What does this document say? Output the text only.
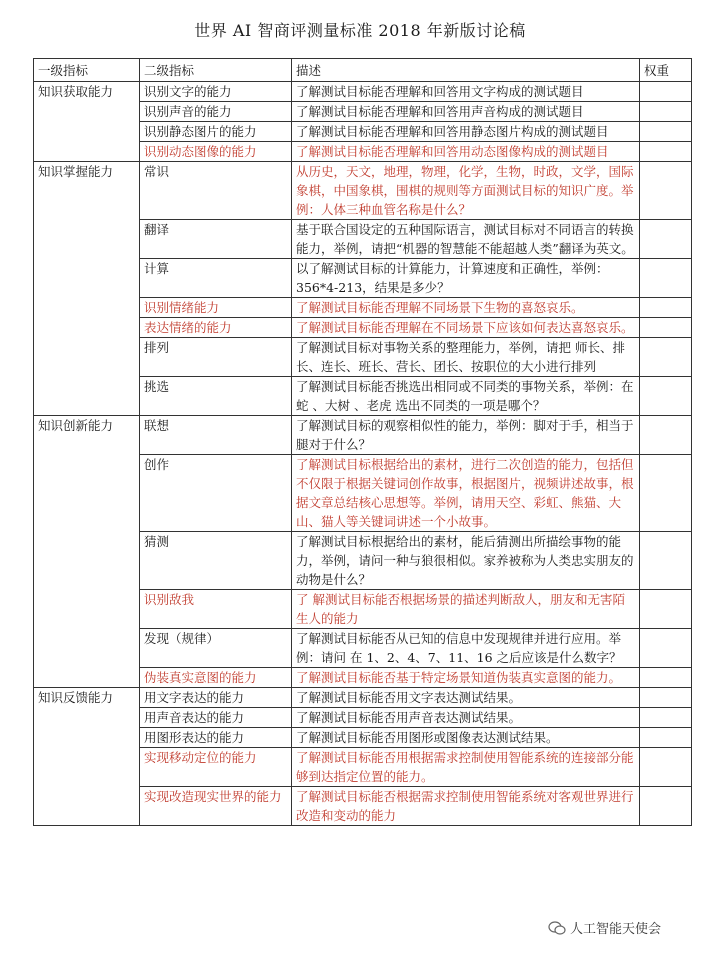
世界 AI 智商评测量标准 2018 年新版讨论稿
一级指标	二级指标	描述	权重
知识获取能力	识别文字的能力	了解测试目标能否理解和回答用文字构成的测试题目	
	识别声音的能力	了解测试目标能否理解和回答用声音构成的测试题目	
	识别静态图片的能力	了解测试目标能否理解和回答用静态图片构成的测试题目	
	识别动态图像的能力	了解测试目标能否理解和回答用动态图像构成的测试题目	
知识掌握能力	常识	从历史，天文，地理，物理，化学，生物，时政，文学，国际象棋，中国象棋，围棋的规则等方面测试目标的知识广度。举例：人体三种血管名称是什么？	
	翻译	基于联合国设定的五种国际语言，测试目标对不同语言的转换能力，举例，请把“机器的智慧能不能超越人类”翻译为英文。	
	计算	以了解测试目标的计算能力，计算速度和正确性，举例：356*4-213，结果是多少？	
	识别情绪能力	了解测试目标能否理解不同场景下生物的喜怒哀乐。	
	表达情绪的能力	了解测试目标能否理解在不同场景下应该如何表达喜怒哀乐。	
	排列	了解测试目标对事物关系的整理能力，举例，请把 师长、排长、连长、班长、营长、团长、按职位的大小进行排列	
	挑选	了解测试目标能否挑选出相同或不同类的事物关系，举例：在 蛇 、大树 、老虎 选出不同类的一项是哪个？	
知识创新能力	联想	了解测试目标的观察相似性的能力，举例：脚对于手，相当于腿对于什么？	
	创作	了解测试目标根据给出的素材，进行二次创造的能力，包括但不仅限于根据关键词创作故事，根据图片，视频讲述故事，根据文章总结核心思想等。举例，请用天空、彩虹、熊猫、大山、猫人等关键词讲述一个小故事。	
	猜测	了解测试目标根据给出的素材，能后猜测出所描绘事物的能力，举例，请问一种与狼很相似。家养被称为人类忠实朋友的动物是什么？	
	识别敌我	了 解测试目标能否根据场景的描述判断敌人，朋友和无害陌生人的能力	
	发现（规律）	了解测试目标能否从已知的信息中发现规律并进行应用。举例：请问 在 1、2、4、7、11、16 之后应该是什么数字？	
	伪装真实意图的能力	了解测试目标能否基于特定场景知道伪装真实意图的能力。	
知识反馈能力	用文字表达的能力	了解测试目标能否用文字表达测试结果。	
	用声音表达的能力	了解测试目标能否用声音表达测试结果。	
	用图形表达的能力	了解测试目标能否用图形或图像表达测试结果。	
	实现移动定位的能力	了解测试目标能否用根据需求控制使用智能系统的连接部分能够到达指定位置的能力。	
	实现改造现实世界的能力	了解测试目标能否根据需求控制使用智能系统对客观世界进行改造和变动的能力	
人工智能天使会
